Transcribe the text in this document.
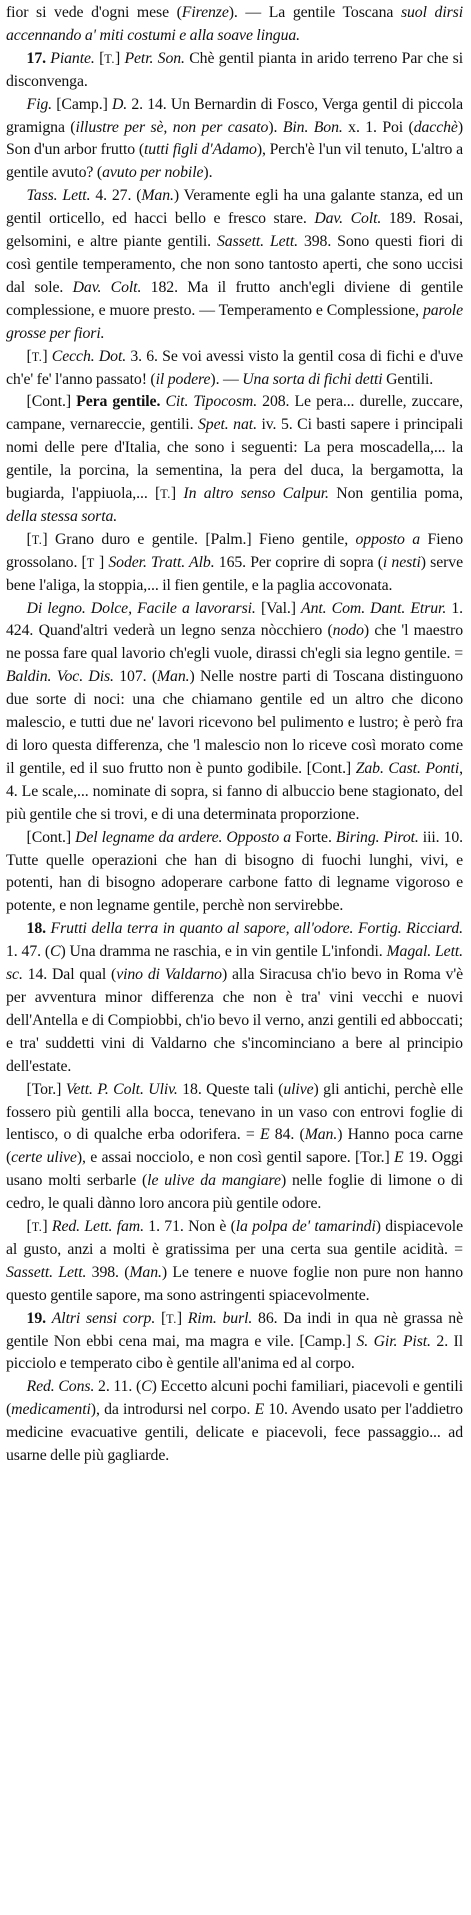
fior si vede d'ogni mese (Firenze). — La gentile Toscana suol dirsi accennando a' miti costumi e alla soave lingua.

17. Piante. [T.] Petr. Son. Chè gentil pianta in arido terreno Par che si disconvenga.

Fig. [Camp.] D. 2. 14. Un Bernardin di Fosco, Verga gentil di piccola gramigna (illustre per sè, non per casato). Bin. Bon. x. 1. Poi (dacchè) Son d'un arbor frutto (tutti figli d'Adamo), Perch'è l'un vil tenuto, L'altro a gentile avuto? (avuto per nobile).

Tass. Lett. 4. 27. (Man.) Veramente egli ha una galante stanza, ed un gentil orticello, ed hacci bello e fresco stare. Dav. Colt. 189. Rosai, gelsomini, e altre piante gentili. Sassett. Lett. 398. Sono questi fiori di così gentile temperamento, che non sono tantosto aperti, che sono uccisi dal sole. Dav. Colt. 182. Ma il frutto anch'egli diviene di gentile complessione, e muore presto. — Temperamento e Complessione, parole grosse per fiori.

[T.] Cecch. Dot. 3. 6. Se voi avessi visto la gentil cosa di fichi e d'uve ch'e' fe' l'anno passato! (il podere). — Una sorta di fichi detti Gentili.

[Cont.] Pera gentile. Cit. Tipocosm. 208. Le pera... durelle, zuccare, campane, vernareccie, gentili. Spet. nat. iv. 5. Ci basti sapere i principali nomi delle pere d'Italia, che sono i seguenti: La pera moscadella,... la gentile, la porcina, la sementina, la pera del duca, la bergamotta, la bugiarda, l'appiuola,... [T.] In altro senso Calpur. Non gentilia poma, della stessa sorta.

[T.] Grano duro e gentile. [Palm.] Fieno gentile, opposto a Fieno grossolano. [T ] Soder. Tratt. Alb. 165. Per coprire di sopra (i nesti) serve bene l'aliga, la stoppia,... il fien gentile, e la paglia accovonata.

Di legno. Dolce, Facile a lavorarsi. [Val.] Ant. Com. Dant. Etrur. 1. 424. Quand'altri vederà un legno senza nòcchiero (nodo) che 'l maestro ne possa fare qual lavorio ch'egli vuole, dirassi ch'egli sia legno gentile. = Baldin. Voc. Dis. 107. (Man.) Nelle nostre parti di Toscana distinguono due sorte di noci: una che chiamano gentile ed un altro che dicono malescio, e tutti due ne' lavori ricevono bel pulimento e lustro; è però fra di loro questa differenza, che 'l malescio non lo riceve così morato come il gentile, ed il suo frutto non è punto godibile. [Cont.] Zab. Cast. Ponti, 4. Le scale,... nominate di sopra, si fanno di albuccio bene stagionato, del più gentile che si trovi, e di una determinata proporzione.

[Cont.] Del legname da ardere. Opposto a Forte. Biring. Pirot. iii. 10. Tutte quelle operazioni che han di bisogno di fuochi lunghi, vivi, e potenti, han di bisogno adoperare carbone fatto di legname vigoroso e potente, e non legname gentile, perchè non servirebbe.

18. Frutti della terra in quanto al sapore, all'odore. Fortig. Ricciard. 1. 47. (C) Una dramma ne raschia, e in vin gentile L'infondi. Magal. Lett. sc. 14. Dal qual (vino di Valdarno) alla Siracusa ch'io bevo in Roma v'è per avventura minor differenza che non è tra' vini vecchi e nuovi dell'Antella e di Compiobbi, ch'io bevo il verno, anzi gentili ed abboccati; e tra' suddetti vini di Valdarno che s'incominciano a bere al principio dell'estate.

[Tor.] Vett. P. Colt. Uliv. 18. Queste tali (ulive) gli antichi, perchè elle fossero più gentili alla bocca, tenevano in un vaso con entrovi foglie di lentisco, o di qualche erba odorifera. = E 84. (Man.) Hanno poca carne (certe ulive), e assai nocciolo, e non così gentil sapore. [Tor.] E 19. Oggi usano molti serbarle (le ulive da mangiare) nelle foglie di limone o di cedro, le quali dànno loro ancora più gentile odore.

[T.] Red. Lett. fam. 1. 71. Non è (la polpa de' tamarindi) dispiacevole al gusto, anzi a molti è gratissima per una certa sua gentile acidità. = Sassett. Lett. 398. (Man.) Le tenere e nuove foglie non pure non hanno questo gentile sapore, ma sono astringenti spiacevolmente.

19. Altri sensi corp. [T.] Rim. burl. 86. Da indi in qua nè grassa nè gentile Non ebbi cena mai, ma magra e vile. [Camp.] S. Gir. Pist. 2. Il picciolo e temperato cibo è gentile all'anima ed al corpo.

Red. Cons. 2. 11. (C) Eccetto alcuni pochi familiari, piacevoli e gentili (medicamenti), da introdursi nel corpo. E 10. Avendo usato per l'addietro medicine evacuative gentili, delicate e piacevoli, fece passaggio... ad usarne delle più gagliarde.
